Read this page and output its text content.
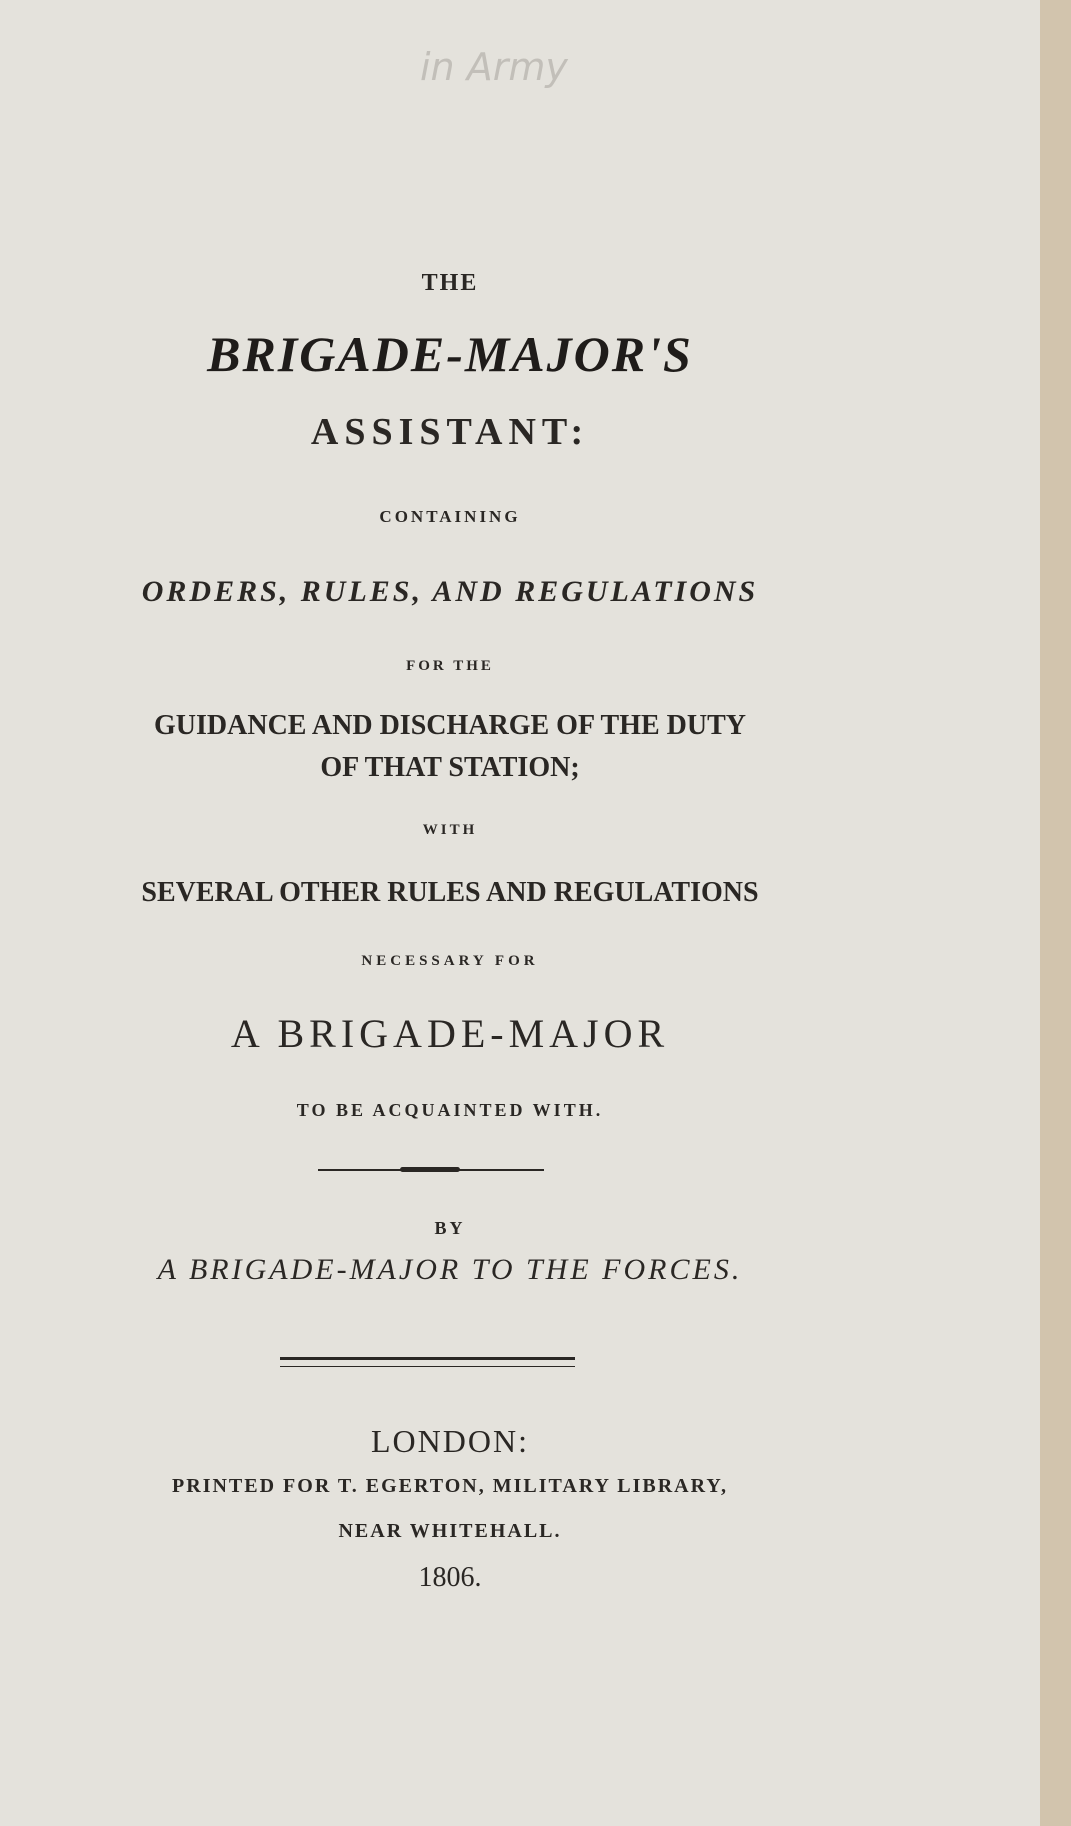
in Army

THE

BRIGADE-MAJOR'S

ASSISTANT:

CONTAINING

ORDERS, RULES, AND REGULATIONS

FOR THE

GUIDANCE AND DISCHARGE OF THE DUTY

OF THAT STATION;

WITH

SEVERAL OTHER RULES AND REGULATIONS

NECESSARY FOR

A BRIGADE-MAJOR

TO BE ACQUAINTED WITH.

BY

A BRIGADE-MAJOR TO THE FORCES.

LONDON:

PRINTED FOR T. EGERTON, MILITARY LIBRARY,

NEAR WHITEHALL.

1806.
